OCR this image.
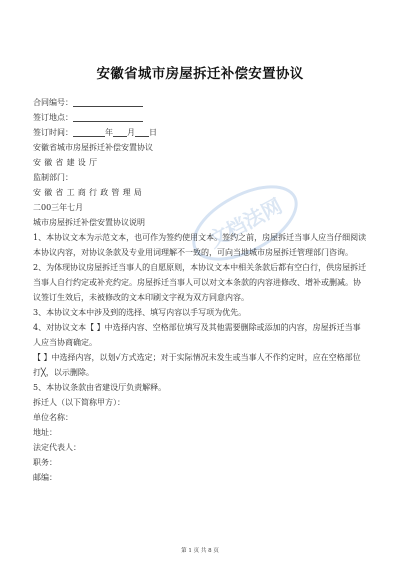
文档法网
安徽省城市房屋拆迁补偿安置协议
合同编号：
签订地点：
签订时间：	年 月 日
安徽省城市房屋拆迁补偿安置协议
安徽省建设厅
监制部门：
安徽省工商行政管理局
二00三年七月
城市房屋拆迁补偿安置协议说明
1、本协议文本为示范文本，也可作为签约使用文本。签约之前，房屋拆迁当事人应当仔细阅读本协议内容，对协议条款及专业用词理解不一致的，可向当地城市房屋拆迁管理部门咨询。
2、为体现协议房屋拆迁当事人的自愿原则，本协议文本中相关条款后都有空白行，供房屋拆迁当事人自行约定或补充约定。房屋拆迁当事人可以对文本条款的内容进修改、增补或删减。协议签订生效后，未被修改的文本印刷文字视为双方同意内容。
3、本协议文本中涉及到的选择、填写内容以手写项为优先。
4、对协议文本【 】中选择内容、空格部位填写及其他需要删除或添加的内容，房屋拆迁当事人应当协商确定。
【 】中选择内容，以划√方式选定；对于实际情况未发生或当事人不作约定时，应在空格部位打╳，以示删除。
5、本协议条款由省建设厅负责解释。
拆迁人（以下简称甲方）：
单位名称：
地址：
法定代表人：
职务：
邮编：
第 1 页 共 8 页
